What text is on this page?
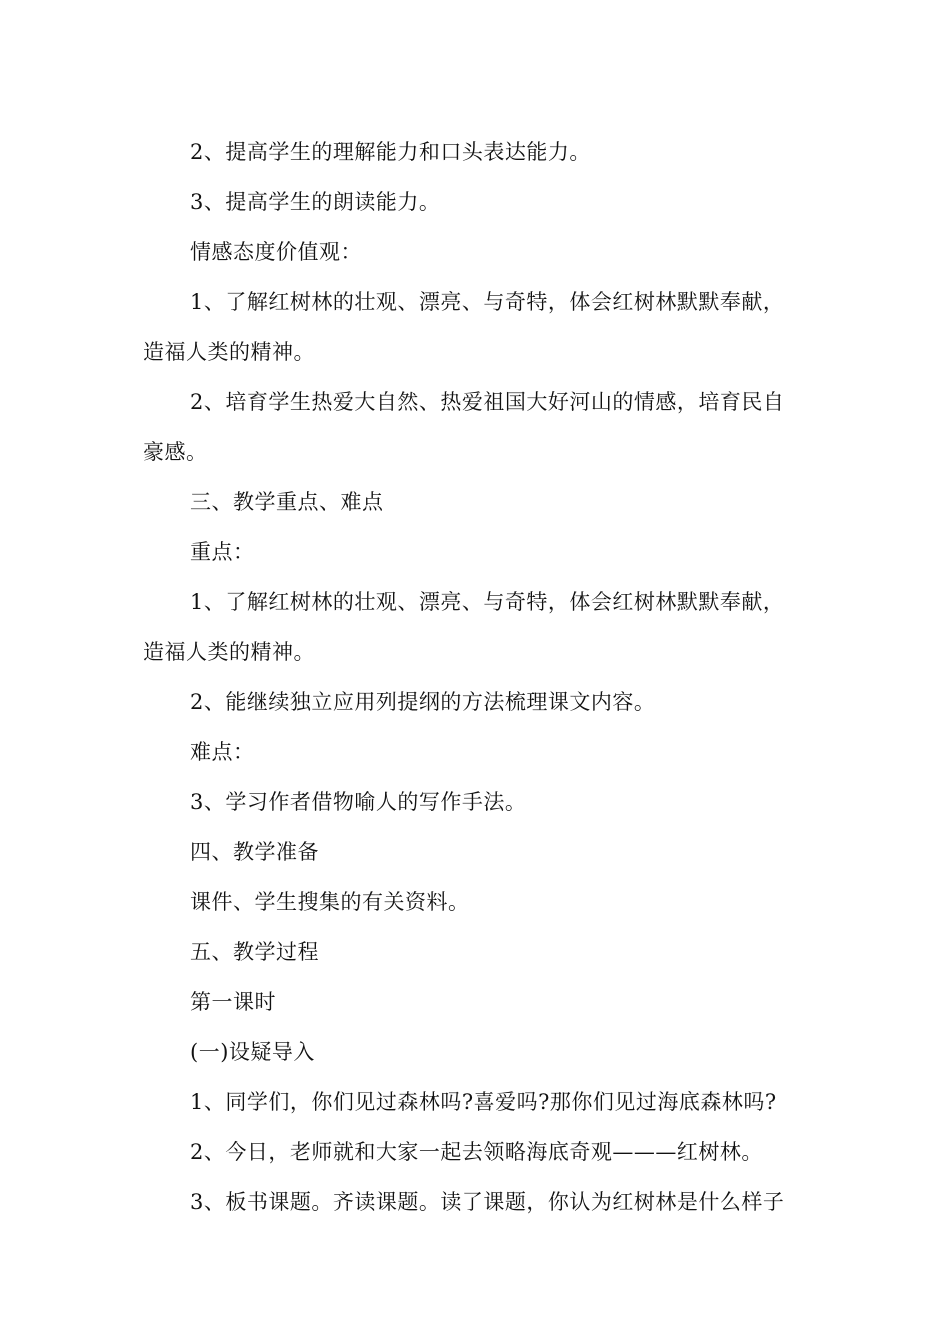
2、提高学生的理解能力和口头表达能力。
3、提高学生的朗读能力。
情感态度价值观：
1、了解红树林的壮观、漂亮、与奇特，体会红树林默默奉献，
造福人类的精神。
2、培育学生热爱大自然、热爱祖国大好河山的情感，培育民自
豪感。
三、教学重点、难点
重点：
1、了解红树林的壮观、漂亮、与奇特，体会红树林默默奉献，
造福人类的精神。
2、能继续独立应用列提纲的方法梳理课文内容。
难点：
3、学习作者借物喻人的写作手法。
四、教学准备
课件、学生搜集的有关资料。
五、教学过程
第一课时
(一)设疑导入
1、同学们，你们见过森林吗?喜爱吗?那你们见过海底森林吗?
2、今日，老师就和大家一起去领略海底奇观———红树林。
3、板书课题。齐读课题。读了课题，你认为红树林是什么样子
